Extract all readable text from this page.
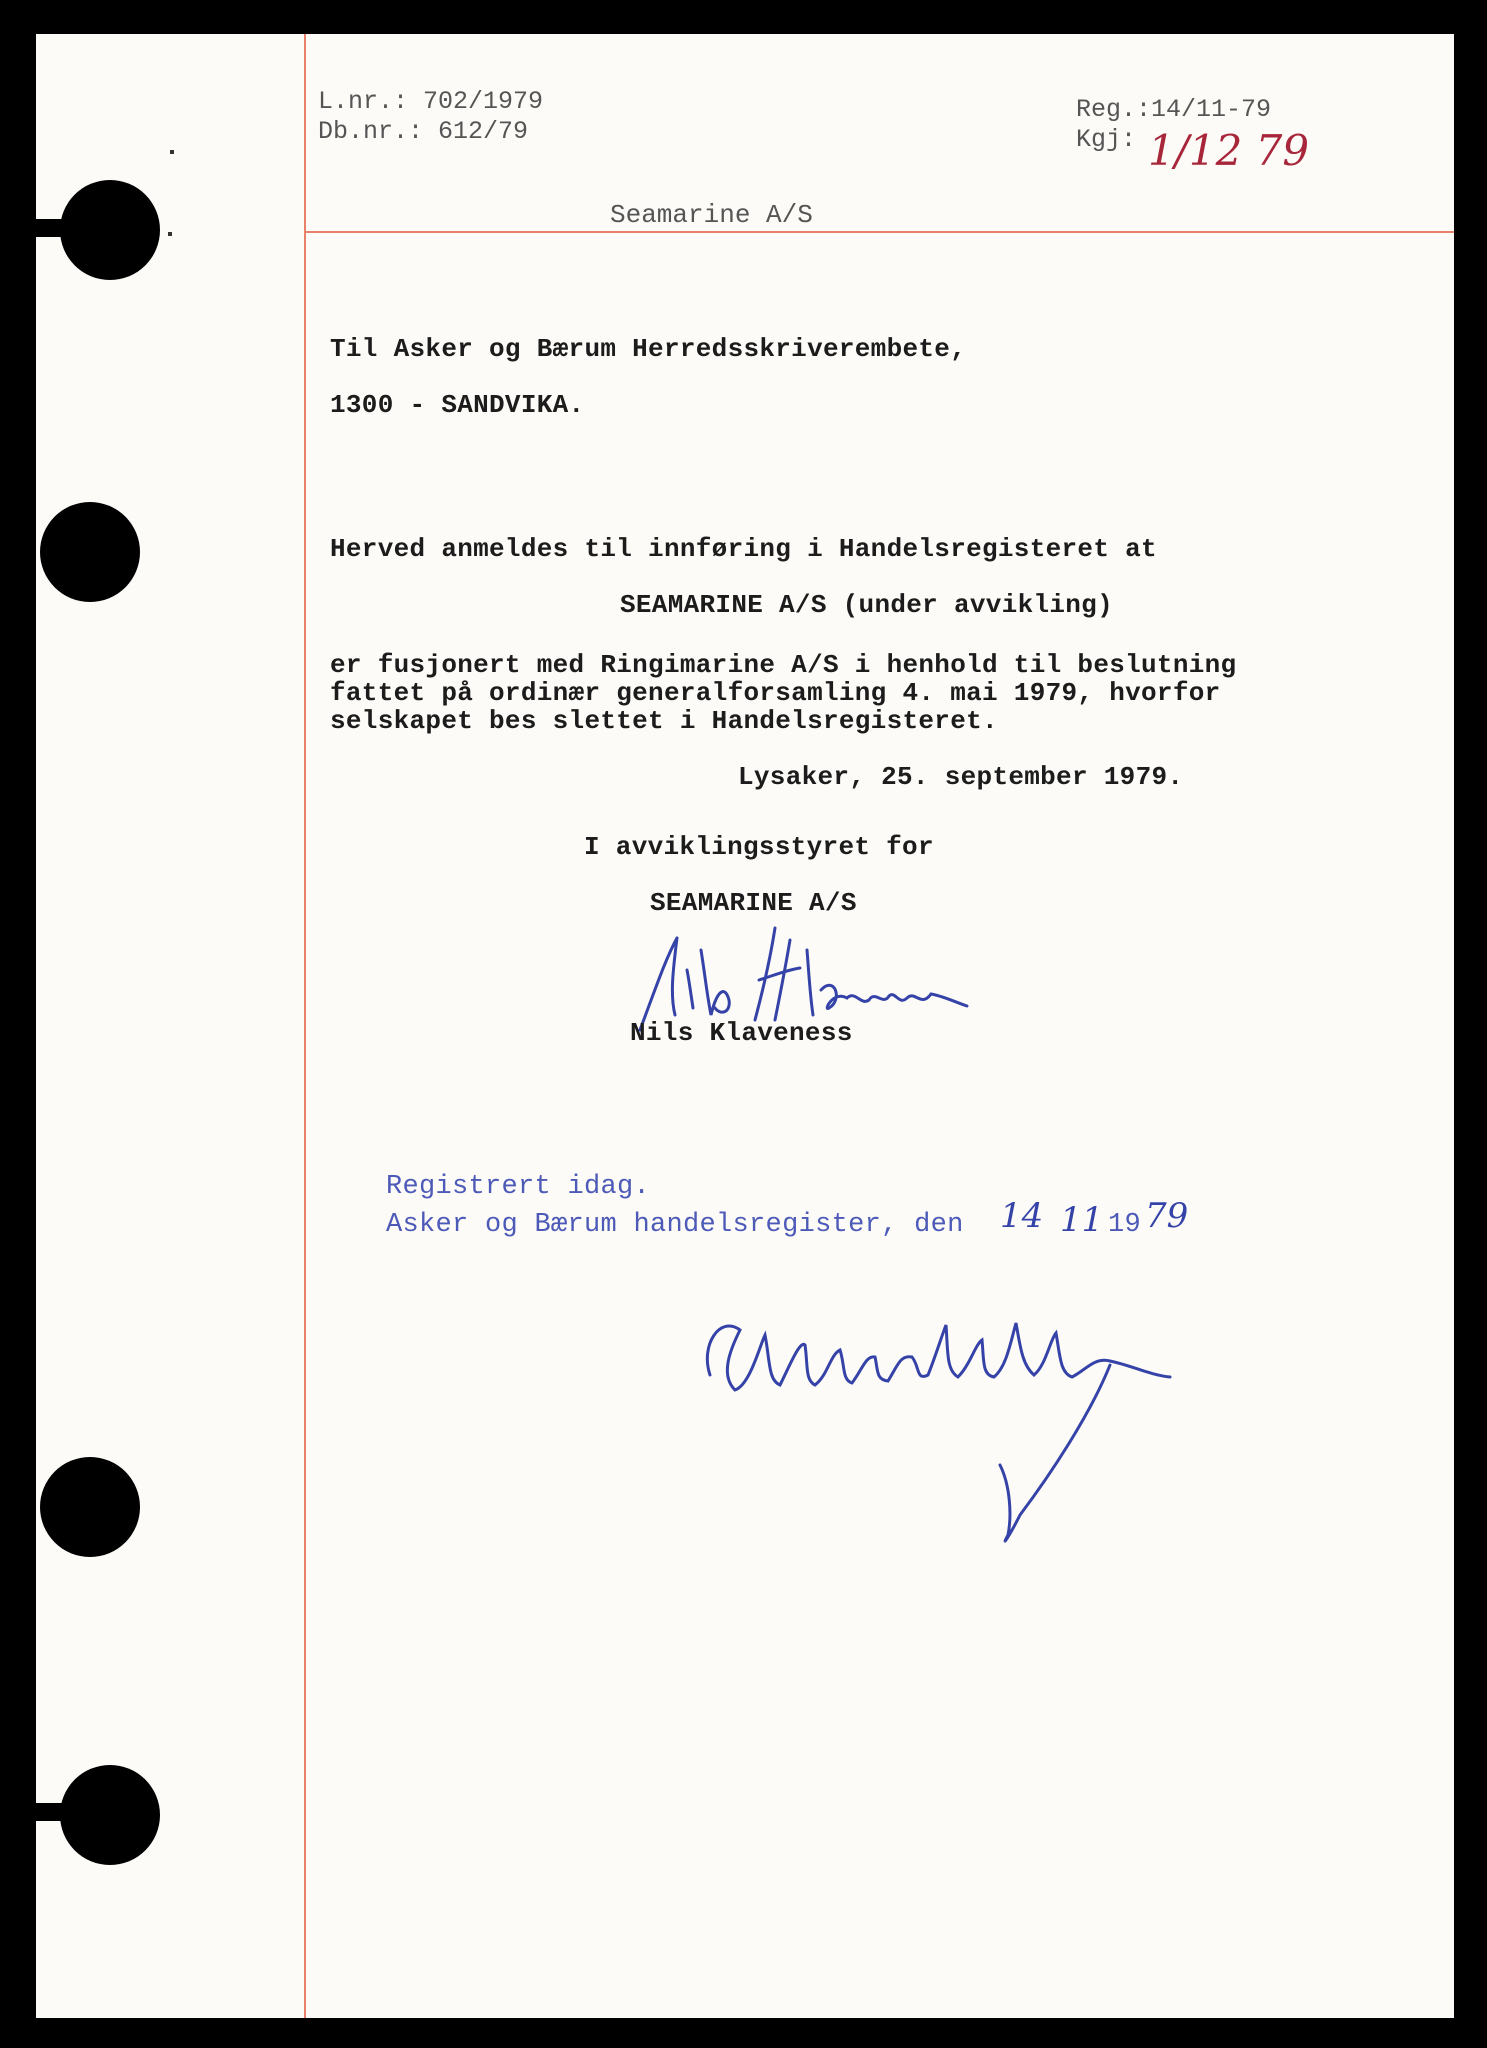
L.nr.: 702/1979
Db.nr.: 612/79
Reg.:14/11-79
Kgj: 1/12 79
Seamarine A/S
Til Asker og Bærum Herredsskriverembete,
1300 - SANDVIKA.
Herved anmeldes til innføring i Handelsregisteret at
SEAMARINE A/S (under avvikling)
er fusjonert med Ringimarine A/S i henhold til beslutning
fattet på ordinær generalforsamling 4. mai 1979, hvorfor
selskapet bes slettet i Handelsregisteret.
Lysaker, 25. september 1979.
I avviklingsstyret for
SEAMARINE A/S
Nils Klaveness
Registrert idag.
Asker og Bærum handelsregister, den 14 11 19 79
